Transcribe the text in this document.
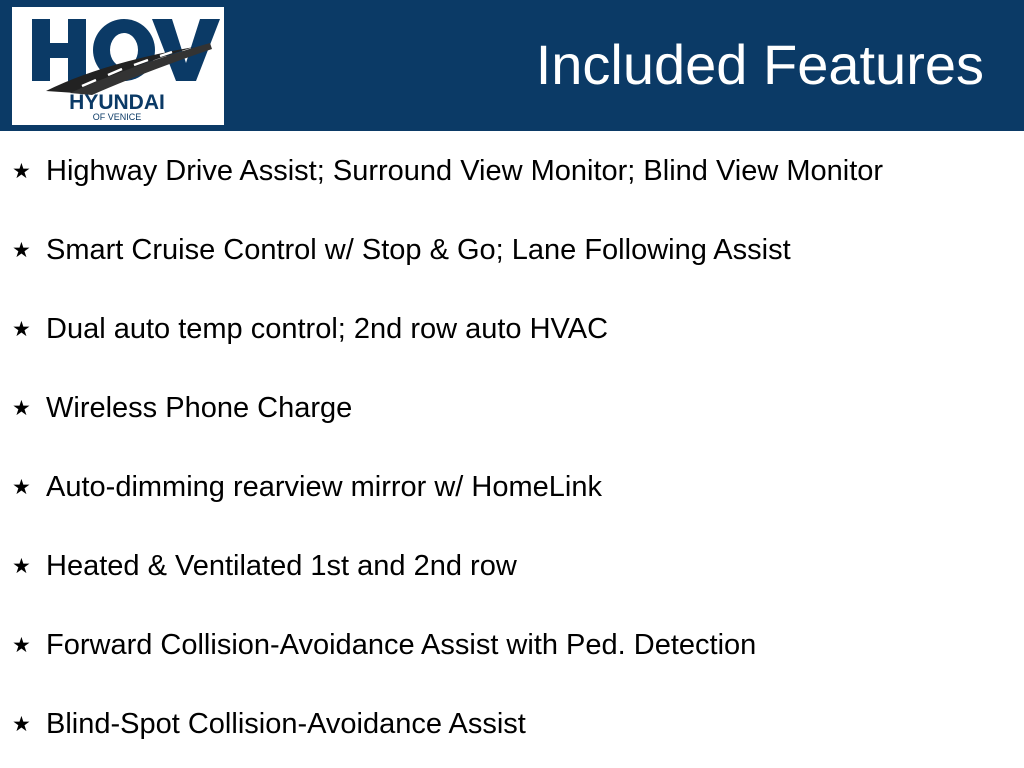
HYUNDAI
OF VENICE
Included Features
★ Highway Drive Assist; Surround View Monitor; Blind View Monitor
★ Smart Cruise Control w/ Stop & Go; Lane Following Assist
★ Dual auto temp control; 2nd row auto HVAC
★ Wireless Phone Charge
★ Auto-dimming rearview mirror w/ HomeLink
★ Heated & Ventilated 1st and 2nd row
★ Forward Collision-Avoidance Assist with Ped. Detection
★ Blind-Spot Collision-Avoidance Assist
